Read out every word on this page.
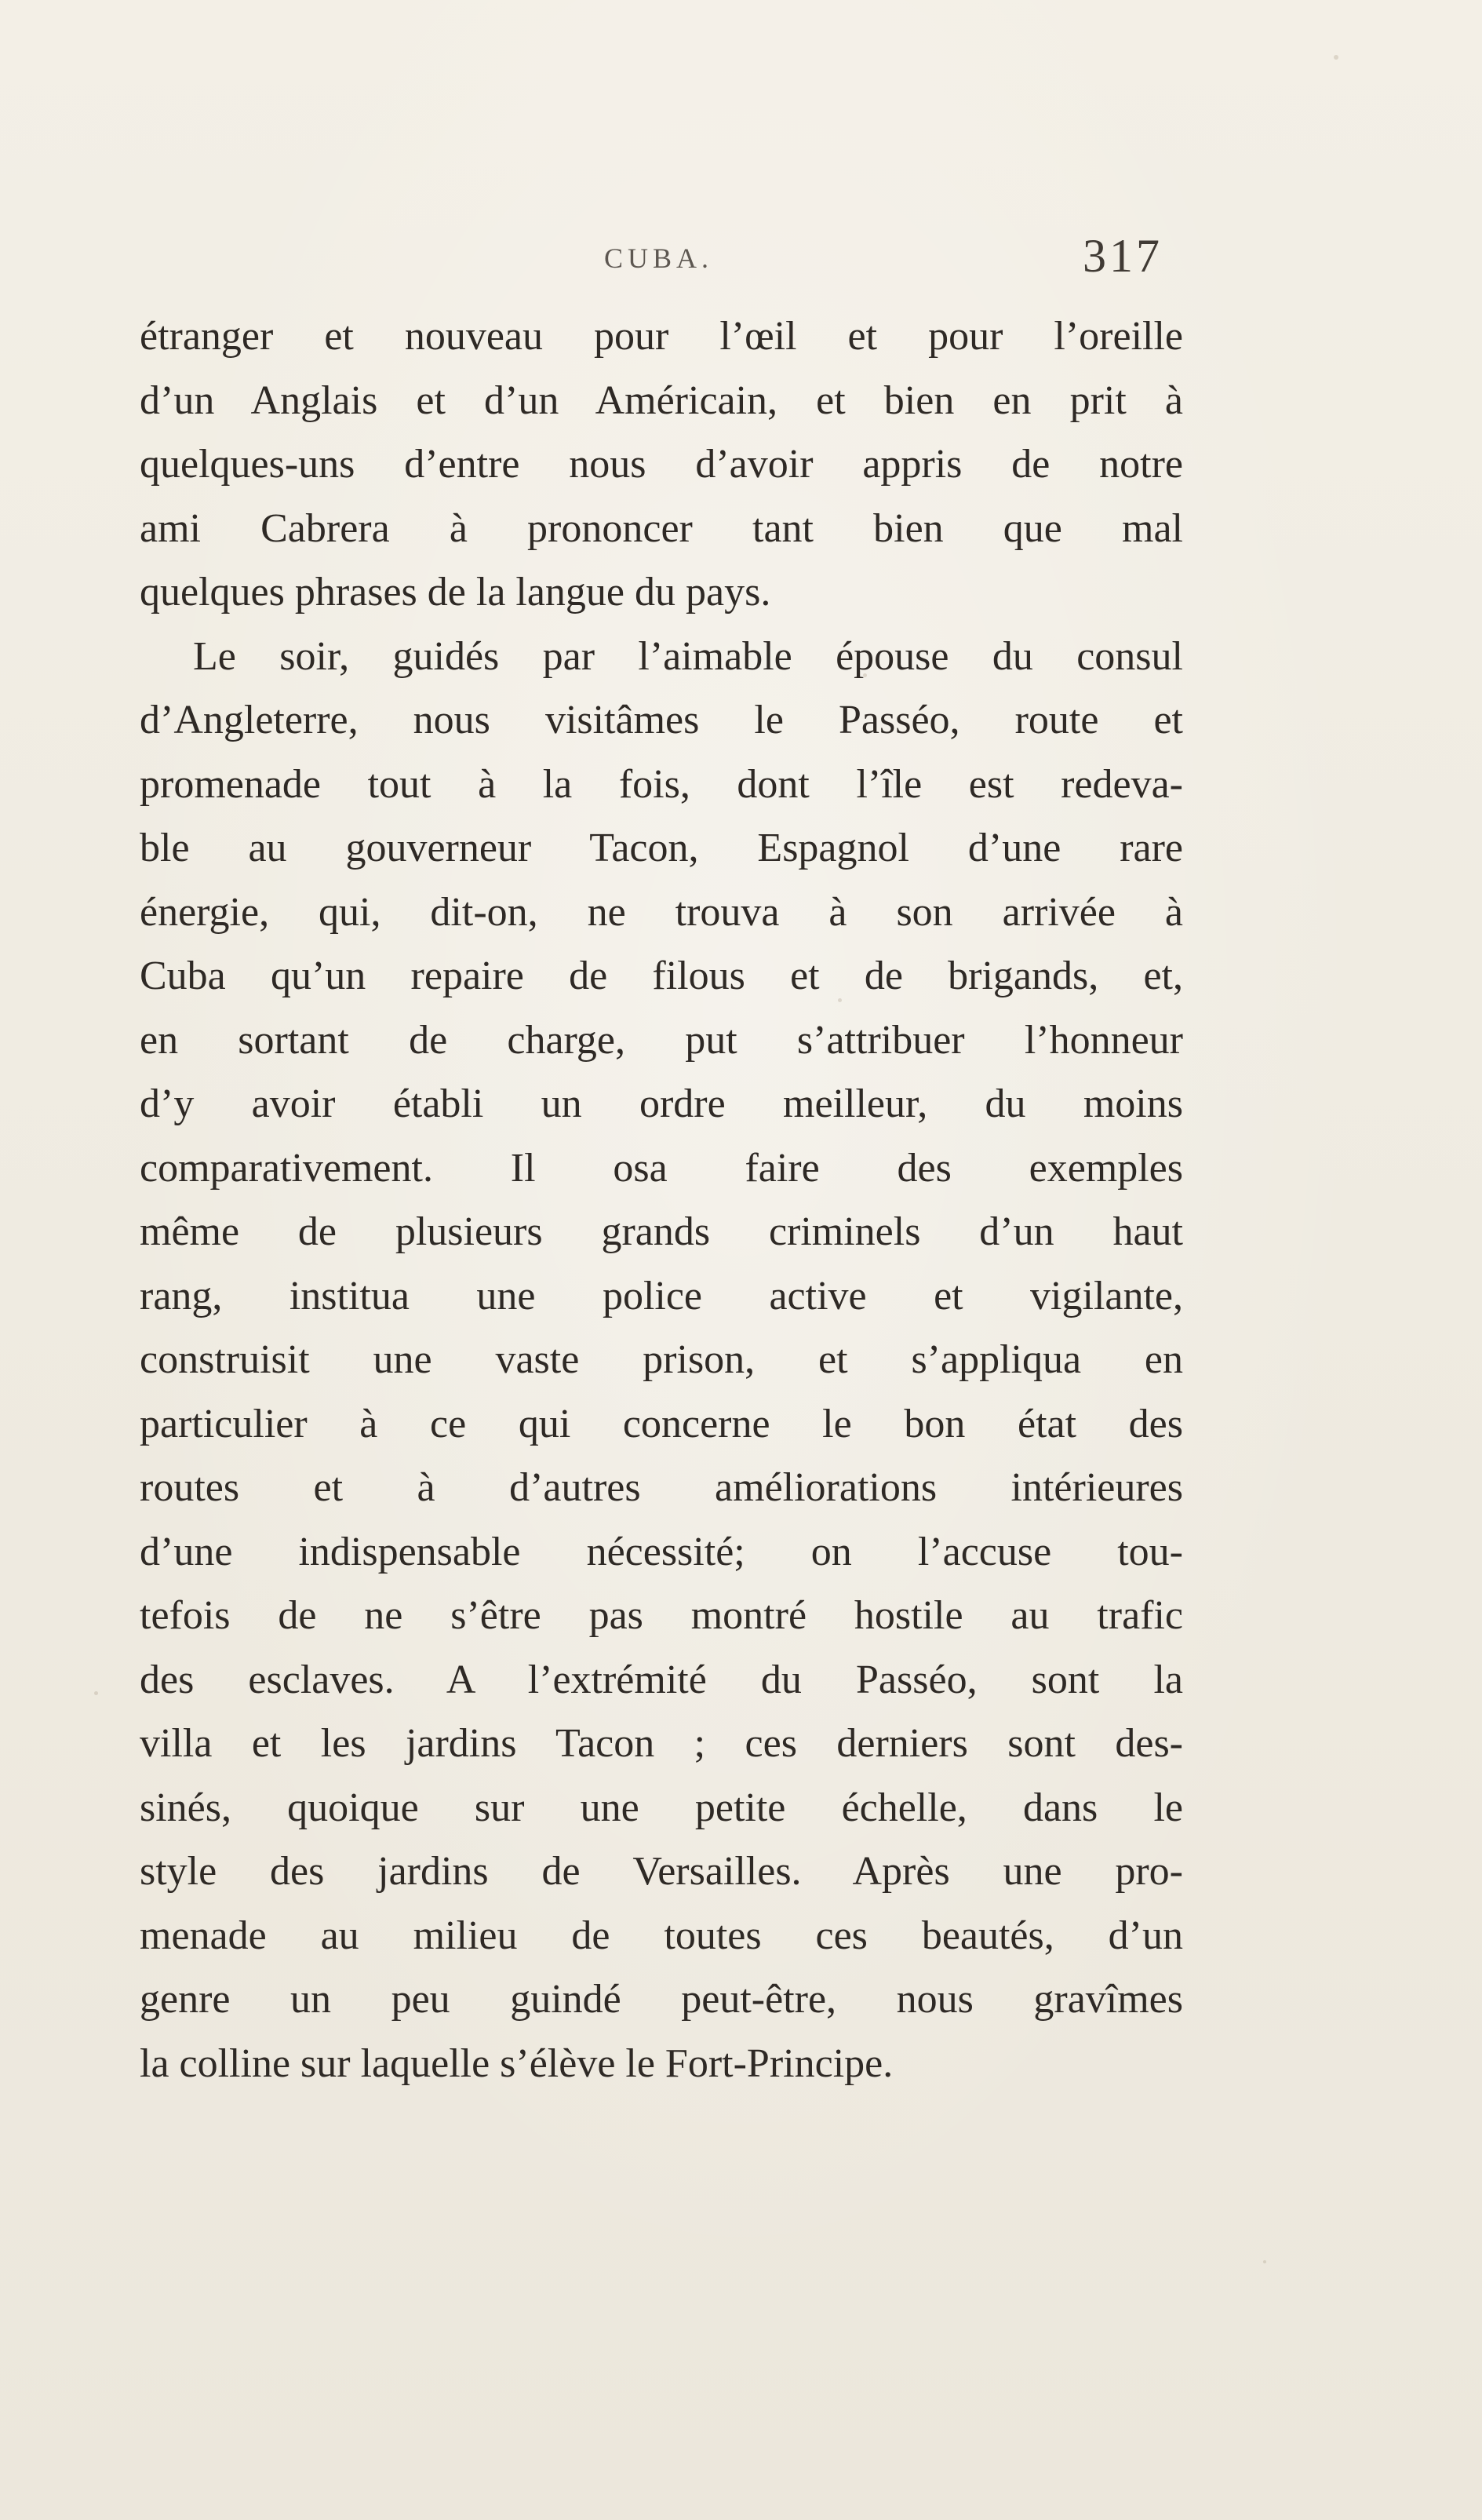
CUBA.	317
étranger et nouveau pour l’œil et pour l’oreille
d’un Anglais et d’un Américain, et bien en prit à
quelques-uns d’entre nous d’avoir appris de notre
ami Cabrera à prononcer tant bien que mal
quelques phrases de la langue du pays.
Le soir, guidés par l’aimable épouse du consul
d’Angleterre, nous visitâmes le Passéo, route et
promenade tout à la fois, dont l’île est redeva-
ble au gouverneur Tacon, Espagnol d’une rare
énergie, qui, dit-on, ne trouva à son arrivée à
Cuba qu’un repaire de filous et de brigands, et,
en sortant de charge, put s’attribuer l’honneur
d’y avoir établi un ordre meilleur, du moins
comparativement. Il osa faire des exemples
même de plusieurs grands criminels d’un haut
rang, institua une police active et vigilante,
construisit une vaste prison, et s’appliqua en
particulier à ce qui concerne le bon état des
routes et à d’autres améliorations intérieures
d’une indispensable nécessité; on l’accuse tou-
tefois de ne s’être pas montré hostile au trafic
des esclaves. A l’extrémité du Passéo, sont la
villa et les jardins Tacon ; ces derniers sont des-
sinés, quoique sur une petite échelle, dans le
style des jardins de Versailles. Après une pro-
menade au milieu de toutes ces beautés, d’un
genre un peu guindé peut-être, nous gravîmes
la colline sur laquelle s’élève le Fort-Principe.
